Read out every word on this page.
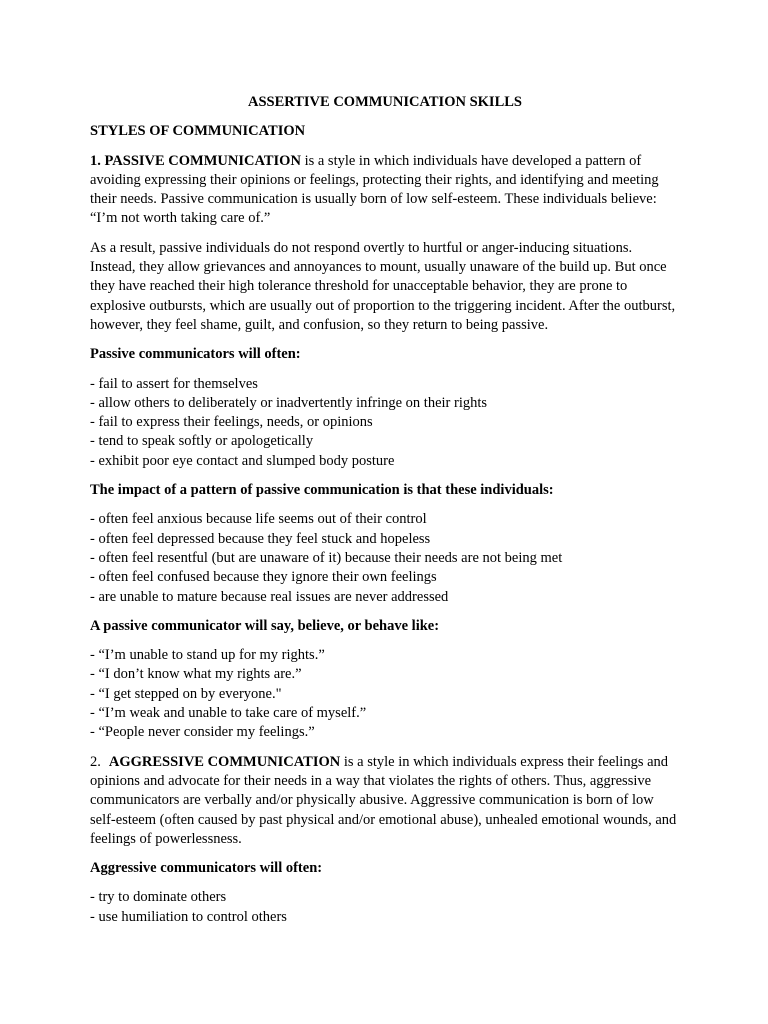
ASSERTIVE COMMUNICATION SKILLS
STYLES OF COMMUNICATION

1. PASSIVE COMMUNICATION is a style in which individuals have developed a pattern of avoiding expressing their opinions or feelings, protecting their rights, and identifying and meeting their needs. Passive communication is usually born of low self-esteem. These individuals believe: “I’m not worth taking care of.”

As a result, passive individuals do not respond overtly to hurtful or anger-inducing situations. Instead, they allow grievances and annoyances to mount, usually unaware of the build up. But once they have reached their high tolerance threshold for unacceptable behavior, they are prone to explosive outbursts, which are usually out of proportion to the triggering incident. After the outburst, however, they feel shame, guilt, and confusion, so they return to being passive.

Passive communicators will often:
- fail to assert for themselves
- allow others to deliberately or inadvertently infringe on their rights
- fail to express their feelings, needs, or opinions
- tend to speak softly or apologetically
- exhibit poor eye contact and slumped body posture
The impact of a pattern of passive communication is that these individuals:
- often feel anxious because life seems out of their control
- often feel depressed because they feel stuck and hopeless
- often feel resentful (but are unaware of it) because their needs are not being met
- often feel confused because they ignore their own feelings
- are unable to mature because real issues are never addressed
A passive communicator will say, believe, or behave like:
- “I’m unable to stand up for my rights.”
- “I don’t know what my rights are.”
- “I get stepped on by everyone."
- “I’m weak and unable to take care of myself.”
- “People never consider my feelings.”

2. AGGRESSIVE COMMUNICATION is a style in which individuals express their feelings and opinions and advocate for their needs in a way that violates the rights of others. Thus, aggressive communicators are verbally and/or physically abusive. Aggressive communication is born of low self-esteem (often caused by past physical and/or emotional abuse), unhealed emotional wounds, and feelings of powerlessness.

Aggressive communicators will often:
- try to dominate others
- use humiliation to control others
